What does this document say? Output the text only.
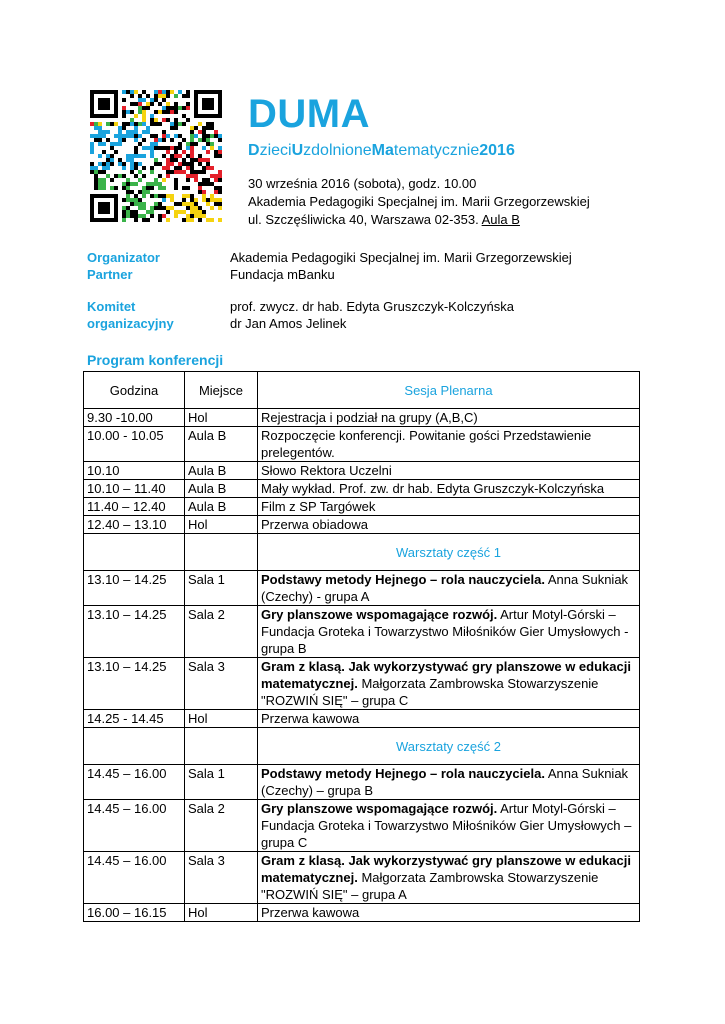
DUMA
DzieciUzdolnioneMatematycznie2016
30 września 2016 (sobota), godz. 10.00
Akademia Pedagogiki Specjalnej im. Marii Grzegorzewskiej
ul. Szczęśliwicka 40, Warszawa 02-353. Aula B
Organizator	Akademia Pedagogiki Specjalnej im. Marii Grzegorzewskiej
Partner	Fundacja mBanku
Komitet	prof. zwycz. dr hab. Edyta Gruszczyk-Kolczyńska
organizacyjny	dr Jan Amos Jelinek
Program konferencji
Godzina	Miejsce	Sesja Plenarna
9.30 -10.00	Hol	Rejestracja i podział na grupy (A,B,C)
10.00 - 10.05	Aula B	Rozpoczęcie konferencji. Powitanie gości Przedstawienie prelegentów.
10.10	Aula B	Słowo Rektora Uczelni
10.10 – 11.40	Aula B	Mały wykład. Prof. zw. dr hab. Edyta Gruszczyk-Kolczyńska
11.40 – 12.40	Aula B	Film z SP Targówek
12.40 – 13.10	Hol	Przerwa obiadowa
		Warsztaty część 1
13.10 – 14.25	Sala 1	Podstawy metody Hejnego – rola nauczyciela. Anna Sukniak (Czechy) - grupa A
13.10 – 14.25	Sala 2	Gry planszowe wspomagające rozwój. Artur Motyl-Górski – Fundacja Groteka i Towarzystwo Miłośników Gier Umysłowych - grupa B
13.10 – 14.25	Sala 3	Gram z klasą. Jak wykorzystywać gry planszowe w edukacji matematycznej. Małgorzata Zambrowska Stowarzyszenie "ROZWIŃ SIĘ" – grupa C
14.25 - 14.45	Hol	Przerwa kawowa
		Warsztaty część 2
14.45 – 16.00	Sala 1	Podstawy metody Hejnego – rola nauczyciela. Anna Sukniak (Czechy) – grupa B
14.45 – 16.00	Sala 2	Gry planszowe wspomagające rozwój. Artur Motyl-Górski – Fundacja Groteka i Towarzystwo Miłośników Gier Umysłowych – grupa C
14.45 – 16.00	Sala 3	Gram z klasą. Jak wykorzystywać gry planszowe w edukacji matematycznej. Małgorzata Zambrowska Stowarzyszenie "ROZWIŃ SIĘ" – grupa A
16.00 – 16.15	Hol	Przerwa kawowa
